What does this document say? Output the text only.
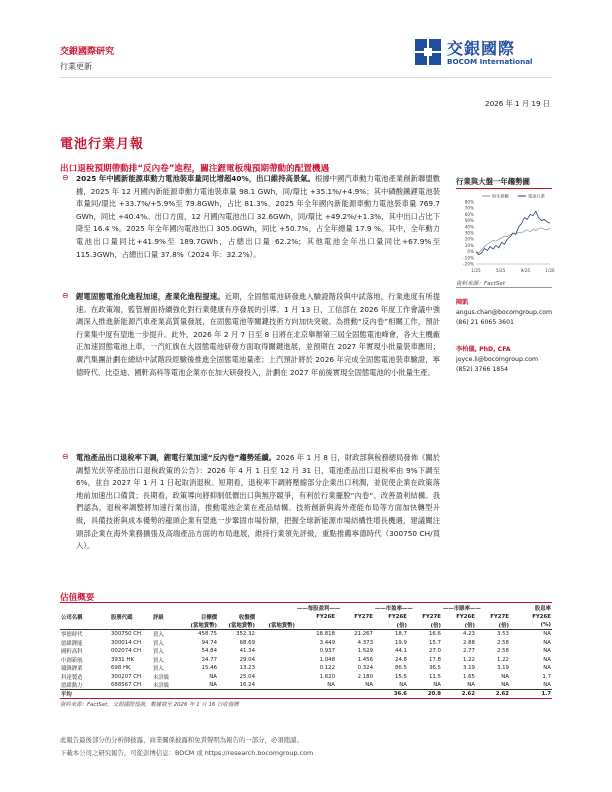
交銀國際研究
行業更新
交銀國際
BOCOM International
電池行業月報
2026 年 1 月 19 日
出口退稅預期帶動排“反內卷”進程，關注鋰電板塊預期帶動的配置機遇
⊖ 2025 年中國新能源車動力電池裝車量同比增超40%，出口維持高景氣。根據中國汽車動力電池產業創新聯盟數據，2025 年 12 月國內新能源車動力電池裝車量 98.1 GWh，同/環比 +35.1%/+4.9%；其中磷酸鐵鋰電池裝車量同/環比 +33.7%/+5.9%至 79.8GWh，占比 81.3%。2025 年全年國內新能源車動力電池裝車量 769.7 GWh，同比 +40.4%。出口方面，12 月國內電池出口 32.6GWh，同/環比 +49.2%/+1.3%，其中出口占比下降至 16.4 %。2025 年全年國內電池出口 305.0GWh，同比 +50.7%，占全年總量 17.9 %。其中，全年動力電池出口量同比+41.9%至 189.7GWh，占總出口量 62.2%；其他電池全年出口量同比+67.9%至 115.3GWh，占總出口量 37.8%（2024 年：32.2%）。
⊖ 鋰電固態電池化進程加速，產業化進程提速。近期，全固態電池研發進入驗證階段與中試落地，行業進度有所提速。在政策端，監管層面持續強化對行業健康有序發展的引導。1 月 13 日，工信部在 2026 年度工作會議中強調深入推進新能源汽車產業高質量發展，在固態電池等關鍵技術方向加快突破。為推動“反內卷”相關工作，預計行業集中度有望進一步提升。此外，2026 年 2 月 7 日至 8 日將在北京舉辦第三屆全固態電池峰會，各大主機廠正加速固態電池上車，一汽紅旗在大固態電池研發方面取得關鍵進展，並預期在 2027 年實現小批量裝車應用；廣汽集團計劃在總結中試階段經驗後推進全固態電池量產；上汽預計將於 2026 年完成全固態電池裝車驗證，寧德時代、比亞迪、國軒高科等電池企業亦在加大研發投入，計劃在 2027 年前後實現全固態電池的小批量生產。
⊖ 電池產品出口退稅率下調，鋰電行業加速“反內卷”趨勢延續。2026 年 1 月 8 日，財政部與稅務總局發佈《關於調整光伏等產品出口退稅政策的公告》：2026 年 4 月 1 日至 12 月 31 日，電池產品出口退稅率由 9%下調至 6%，並自 2027 年 1 月 1 日起取消退稅。短期看，退稅率下調將壓縮部分企業出口利潤，並促使企業在政策落地前加速出口備貨；長期看，政策導向將抑制低價出口與無序競爭，有利於行業擺脫“內卷”、改善盈利結構。我們認為，退稅率調整將加速行業出清，推動電池企業在產品結構、技術創新與海外產能布局等方面加快轉型升級，具備技術與成本優勢的龍頭企業有望進一步鞏固市場份額，把握全球新能源市場結構性增長機遇，建議關注頭部企業在海外業務擴張及高端產品方面的布局進展，維持行業領先評級，重點推薦寧德時代（300750 CH/買入）。
行業與大盤一年趨勢圖
80%
70%
60%
50%
40%
30%
20%
10%
0%
-10%
-20%
1/25	5/25	9/25	1/26
恒生指數	電池行業
資料來源：FactSet
陳凱
angus.chan@bocomgroup.com
(86) 21 6065 3601
李柏儀, PhD, CFA
joyce.li@bocomgroup.com
(852) 3766 1854
估值概要
						——每股盈利——		——市盈率——		——市賬率——		股息率
公司名稱	股票代碼	評級	目標價	收盤價		FY26E	FY27E	FY26E	FY27E	FY26E	FY27E	FY26E
			(當地貨幣)	(當地貨幣)	(當地貨幣)			(倍)	(倍)	(倍)	(倍)	(%)
寧德時代	300750 CH	買入	458.75	352.32		18.818	21.267	18.7	16.6	4.23	3.53	NA
億緯鋰能	300014 CH	買入	94.74	68.69		3.449	4.373	19.9	15.7	2.88	2.58	NA
國軒高科	002074 CH	買入	54.84	41.34		0.937	1.529	44.1	27.0	2.77	2.58	NA
中創新航	3931 HK	買入	24.77	29.04		1.048	1.456	24.8	17.8	1.22	1.22	NA
贛鋒鋰業	698 HK	買入	15.46	13.23		0.122	0.324	86.5	36.5	3.19	3.19	NA
科達製造	300207 CH	未評級	NA	25.04		1.620	2.180	15.5	11.5	1.65	NA	1.7
億緯動力	688567 CH	未評級	NA	16.24		NA	NA	NA	NA	NA	NA	NA
平均								36.6	20.8	2.62	2.62	1.7

資料來源：FactSet，交銀國際預測，數據截至 2026 年 1 月 16 日收盤價
此報告最後部分的分析師披露、商業關係披露和免責聲明為報告的一部分，必須閱讀。
下載本公司之研究報告，可從彭博信息：BOCM 或 https://research.bocomgroup.com
